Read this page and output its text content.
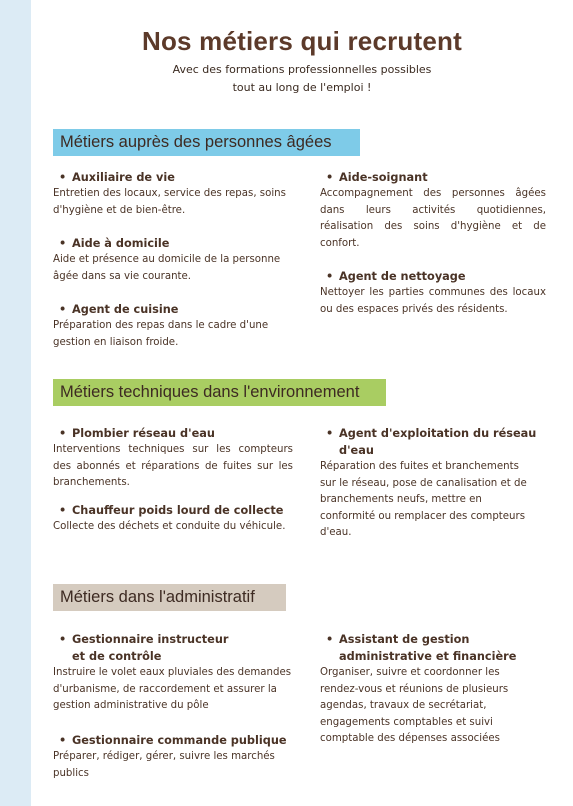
Nos métiers qui recrutent
Avec des formations professionnelles possibles
tout au long de l'emploi !
Métiers auprès des personnes âgées
• Auxiliaire de vie
Entretien des locaux, service des repas, soins d'hygiène et de bien-être.
• Aide à domicile
Aide et présence au domicile de la personne âgée dans sa vie courante.
• Agent de cuisine
Préparation des repas dans le cadre d'une gestion en liaison froide.
• Aide-soignant
Accompagnement des personnes âgées dans leurs activités quotidiennes, réalisation des soins d'hygiène et de confort.
• Agent de nettoyage
Nettoyer les parties communes des locaux ou des espaces privés des résidents.
Métiers techniques dans l'environnement
• Plombier réseau d'eau
Interventions techniques sur les compteurs des abonnés et réparations de fuites sur les branchements.
• Chauffeur poids lourd de collecte
Collecte des déchets et conduite du véhicule.
• Agent d'exploitation du réseau d'eau
Réparation des fuites et branchements sur le réseau, pose de canalisation et de branchements neufs, mettre en conformité ou remplacer des compteurs d'eau.
Métiers dans l'administratif
• Gestionnaire instructeur et de contrôle
Instruire le volet eaux pluviales des demandes d'urbanisme, de raccordement et assurer la gestion administrative du pôle
• Gestionnaire commande publique
Préparer, rédiger, gérer, suivre les marchés publics
• Assistant de gestion administrative et financière
Organiser, suivre et coordonner les rendez-vous et réunions de plusieurs agendas, travaux de secrétariat, engagements comptables et suivi comptable des dépenses associées
